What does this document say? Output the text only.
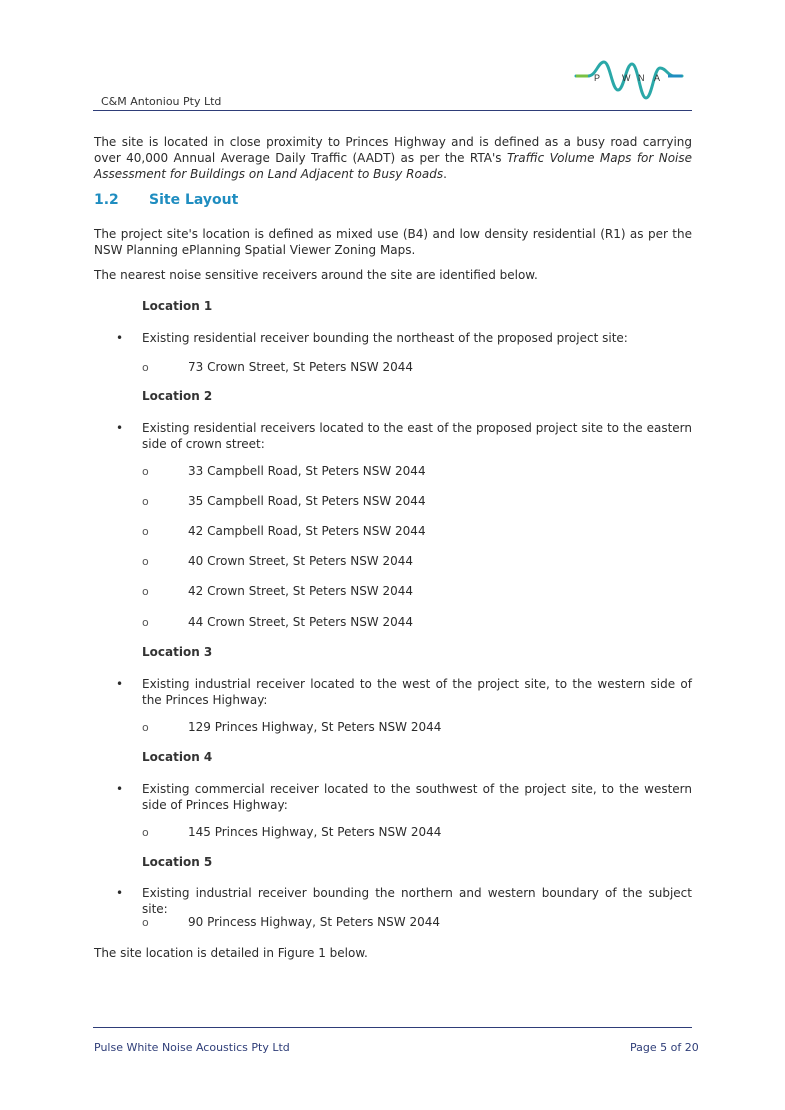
C&M Antoniou Pty Ltd
P W N A

The site is located in close proximity to Princes Highway and is defined as a busy road carrying over 40,000 Annual Average Daily Traffic (AADT) as per the RTA's Traffic Volume Maps for Noise Assessment for Buildings on Land Adjacent to Busy Roads.

1.2 Site Layout

The project site's location is defined as mixed use (B4) and low density residential (R1) as per the NSW Planning ePlanning Spatial Viewer Zoning Maps.

The nearest noise sensitive receivers around the site are identified below.

Location 1
• Existing residential receiver bounding the northeast of the proposed project site:
o	73 Crown Street, St Peters NSW 2044
Location 2
• Existing residential receivers located to the east of the proposed project site to the eastern side of crown street:
o	33 Campbell Road, St Peters NSW 2044
o	35 Campbell Road, St Peters NSW 2044
o	42 Campbell Road, St Peters NSW 2044
o	40 Crown Street, St Peters NSW 2044
o	42 Crown Street, St Peters NSW 2044
o	44 Crown Street, St Peters NSW 2044
Location 3
• Existing industrial receiver located to the west of the project site, to the western side of the Princes Highway:
o	129 Princes Highway, St Peters NSW 2044
Location 4
• Existing commercial receiver located to the southwest of the project site, to the western side of Princes Highway:
o	145 Princes Highway, St Peters NSW 2044
Location 5
• Existing industrial receiver bounding the northern and western boundary of the subject site:
o	90 Princess Highway, St Peters NSW 2044

The site location is detailed in Figure 1 below.

Pulse White Noise Acoustics Pty Ltd	Page 5 of 20
